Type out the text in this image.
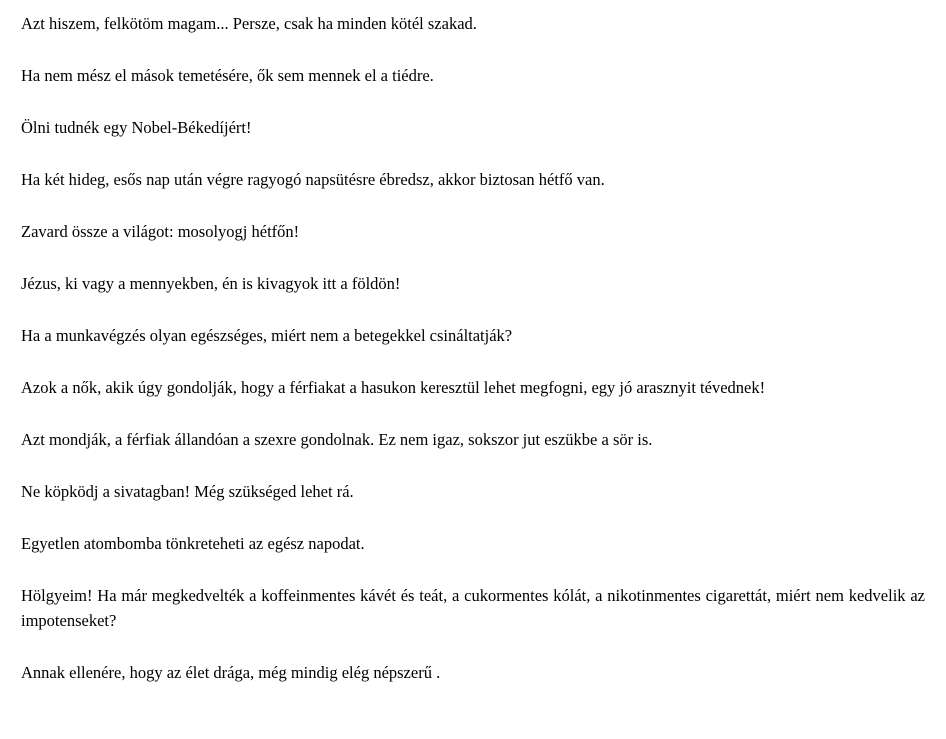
Azt hiszem, felkötöm magam... Persze, csak ha minden kötél szakad.

Ha nem mész el mások temetésére, ők sem mennek el a tiédre.

Ölni tudnék egy Nobel-Békedíjért!

Ha két hideg, esős nap után végre ragyogó napsütésre ébredsz, akkor biztosan hétfő van.

Zavard össze a világot: mosolyogj hétfőn!

Jézus, ki vagy a mennyekben, én is kivagyok itt a földön!

Ha a munkavégzés olyan egészséges, miért nem a betegekkel csináltatják?

Azok a nők, akik úgy gondolják, hogy a férfiakat a hasukon keresztül lehet megfogni, egy jó arasznyit tévednek!

Azt mondják, a férfiak állandóan a szexre gondolnak. Ez nem igaz, sokszor jut eszükbe a sör is.

Ne köpködj a sivatagban! Még szükséged lehet rá.

Egyetlen atombomba tönkreteheti az egész napodat.

Hölgyeim! Ha már megkedvelték a koffeinmentes kávét és teát, a cukormentes kólát, a nikotinmentes cigarettát, miért nem kedvelik az impotenseket?

Annak ellenére, hogy az élet drága, még mindig elég népszerű .
